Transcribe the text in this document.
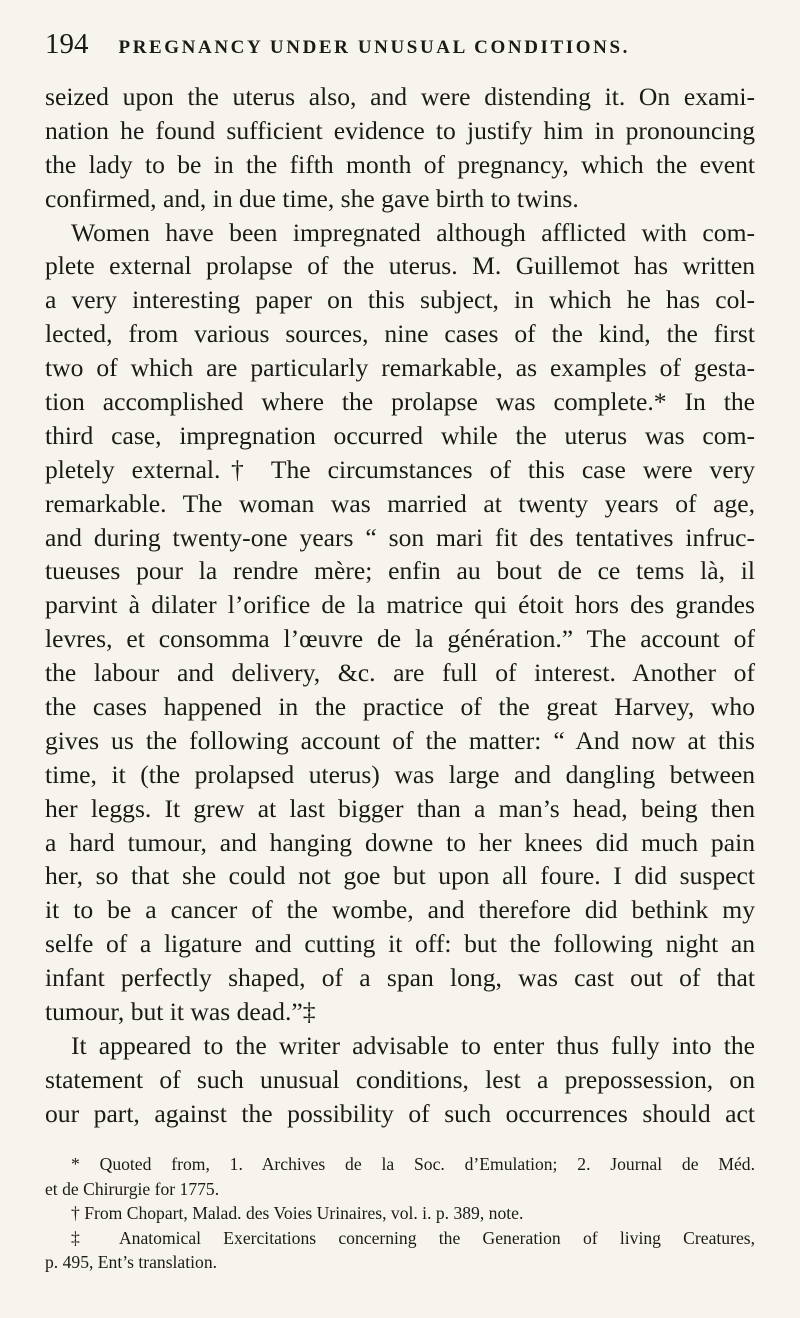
194 PREGNANCY UNDER UNUSUAL CONDITIONS.
seized upon the uterus also, and were distending it. On exami-
nation he found sufficient evidence to justify him in pronouncing
the lady to be in the fifth month of pregnancy, which the event
confirmed, and, in due time, she gave birth to twins.
Women have been impregnated although afflicted with com-
plete external prolapse of the uterus. M. Guillemot has written
a very interesting paper on this subject, in which he has col-
lected, from various sources, nine cases of the kind, the first
two of which are particularly remarkable, as examples of gesta-
tion accomplished where the prolapse was complete.* In the
third case, impregnation occurred while the uterus was com-
pletely external.† The circumstances of this case were very
remarkable. The woman was married at twenty years of age,
and during twenty-one years “ son mari fit des tentatives infruc-
tueuses pour la rendre mère; enfin au bout de ce tems là, il
parvint à dilater l’orifice de la matrice qui étoit hors des grandes
levres, et consomma l’œuvre de la génération.” The account of
the labour and delivery, &c. are full of interest. Another of
the cases happened in the practice of the great Harvey, who
gives us the following account of the matter: “ And now at this
time, it (the prolapsed uterus) was large and dangling between
her leggs. It grew at last bigger than a man’s head, being then
a hard tumour, and hanging downe to her knees did much pain
her, so that she could not goe but upon all foure. I did suspect
it to be a cancer of the wombe, and therefore did bethink my
selfe of a ligature and cutting it off: but the following night an
infant perfectly shaped, of a span long, was cast out of that
tumour, but it was dead.”‡
It appeared to the writer advisable to enter thus fully into the
statement of such unusual conditions, lest a prepossession, on
our part, against the possibility of such occurrences should act
* Quoted from, 1. Archives de la Soc. d’Emulation; 2. Journal de Méd.
et de Chirurgie for 1775.
† From Chopart, Malad. des Voies Urinaires, vol. i. p. 389, note.
‡ Anatomical Exercitations concerning the Generation of living Creatures,
p. 495, Ent’s translation.
